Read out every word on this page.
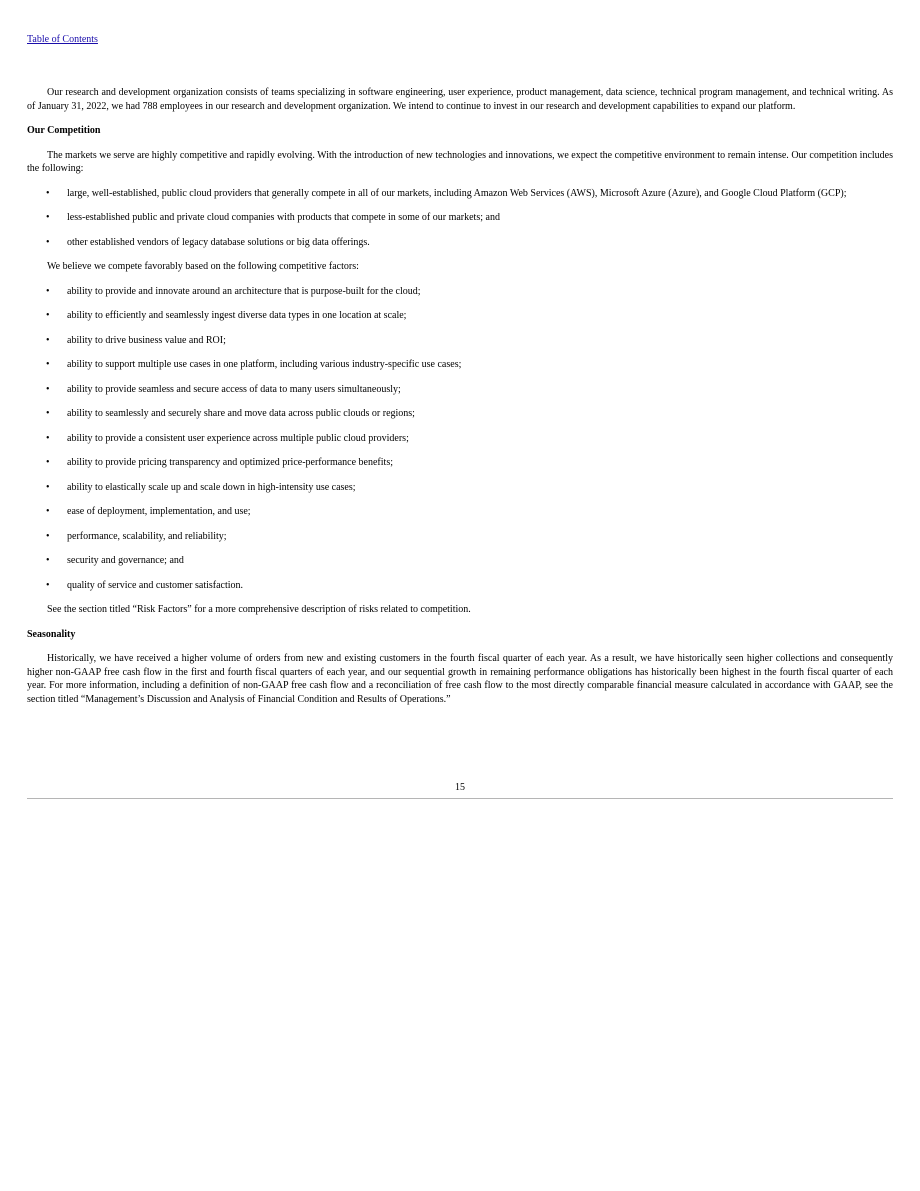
Table of Contents

Our research and development organization consists of teams specializing in software engineering, user experience, product management, data science, technical program management, and technical writing. As of January 31, 2022, we had 788 employees in our research and development organization. We intend to continue to invest in our research and development capabilities to expand our platform.

Our Competition

The markets we serve are highly competitive and rapidly evolving. With the introduction of new technologies and innovations, we expect the competitive environment to remain intense. Our competition includes the following:

• large, well-established, public cloud providers that generally compete in all of our markets, including Amazon Web Services (AWS), Microsoft Azure (Azure), and Google Cloud Platform (GCP);
• less-established public and private cloud companies with products that compete in some of our markets; and
• other established vendors of legacy database solutions or big data offerings.

We believe we compete favorably based on the following competitive factors:

• ability to provide and innovate around an architecture that is purpose-built for the cloud;
• ability to efficiently and seamlessly ingest diverse data types in one location at scale;
• ability to drive business value and ROI;
• ability to support multiple use cases in one platform, including various industry-specific use cases;
• ability to provide seamless and secure access of data to many users simultaneously;
• ability to seamlessly and securely share and move data across public clouds or regions;
• ability to provide a consistent user experience across multiple public cloud providers;
• ability to provide pricing transparency and optimized price-performance benefits;
• ability to elastically scale up and scale down in high-intensity use cases;
• ease of deployment, implementation, and use;
• performance, scalability, and reliability;
• security and governance; and
• quality of service and customer satisfaction.

See the section titled “Risk Factors” for a more comprehensive description of risks related to competition.

Seasonality

Historically, we have received a higher volume of orders from new and existing customers in the fourth fiscal quarter of each year. As a result, we have historically seen higher collections and consequently higher non-GAAP free cash flow in the first and fourth fiscal quarters of each year, and our sequential growth in remaining performance obligations has historically been highest in the fourth fiscal quarter of each year. For more information, including a definition of non-GAAP free cash flow and a reconciliation of free cash flow to the most directly comparable financial measure calculated in accordance with GAAP, see the section titled “Management’s Discussion and Analysis of Financial Condition and Results of Operations.”

15
